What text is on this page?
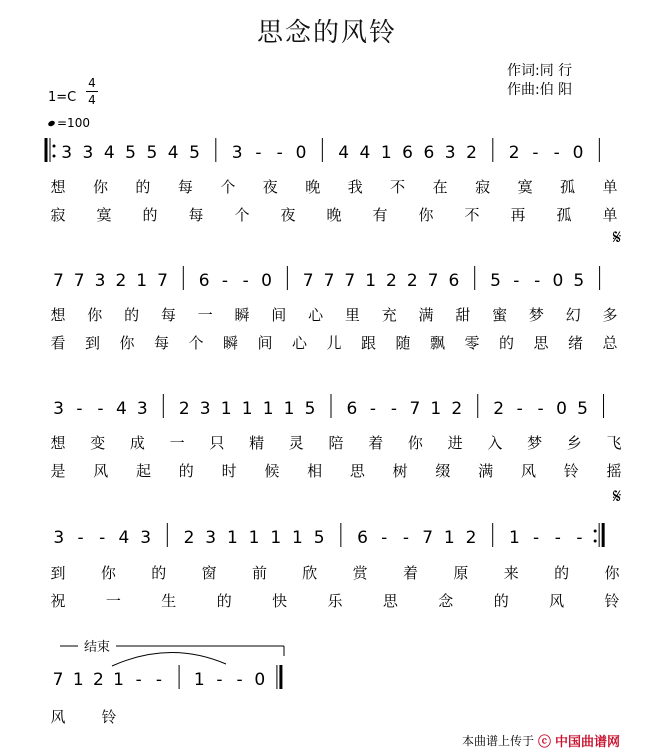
思念的风铃
作词:同 行
作曲:伯 阳
1=C
4
4
=100
3 3 4 5 5 4 5 3 - - 0 4 4 1 6 6 3 2 2 - - 0
想 你 的 每 个 夜 晚 我 不 在 寂 寞 孤 单
寂 寞 的 每 个 夜 晚 有 你 不 再 孤 单
7 7 3 2 1 7 6 - - 0 7 7 7 1 2 2 7 6 5 - - 0 5
想 你 的 每 一 瞬 间 心 里 充 满 甜 蜜 梦 幻 多
看 到 你 每 个 瞬 间 心 儿 跟 随 飘 零 的 思 绪 总
3 - - 4 3 2 3 1 1 1 1 5 6 - - 7 1 2 2 - - 0 5
想 变 成 一 只 精 灵 陪 着 你 进 入 梦 乡 飞
是 风 起 的 时 候 相 思 树 缀 满 风 铃 摇
3 - - 4 3 2 3 1 1 1 1 5 6 - - 7 1 2 1 - - -
到 你 的 窗 前 欣 赏 着 原 来 的 你
祝	一	生	的	快	乐	思	念	的	风	铃
7 1 2 1 - - 1 - - 0
风 铃
𝄋
𝄋
结束
本曲谱上传于 ⓒ 中国曲谱网
